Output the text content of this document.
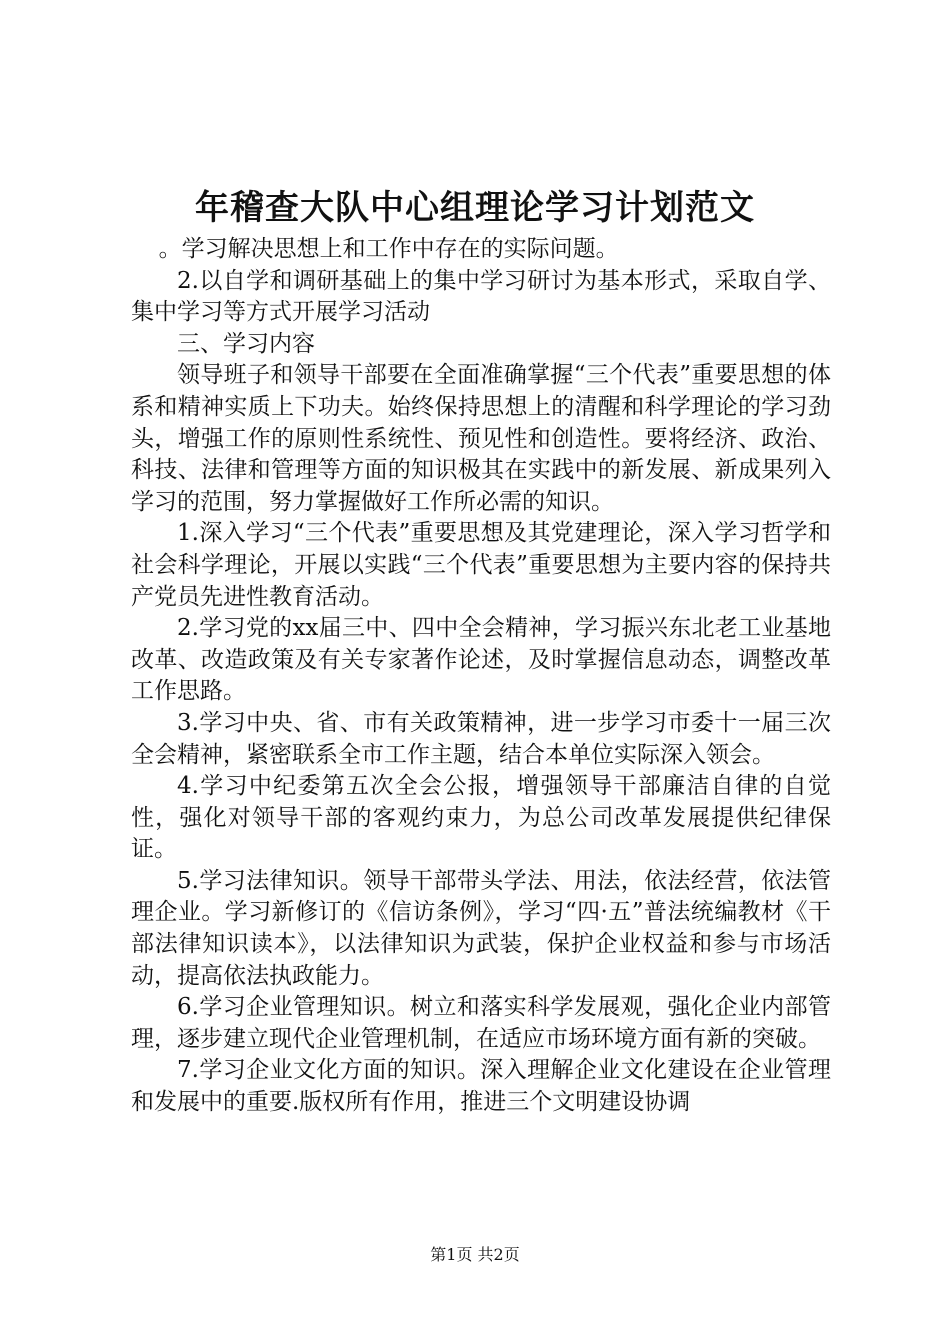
年稽查大队中心组理论学习计划范文

。学习解决思想上和工作中存在的实际问题。

2.以自学和调研基础上的集中学习研讨为基本形式，采取自学、集中学习等方式开展学习活动

三、学习内容

领导班子和领导干部要在全面准确掌握“三个代表”重要思想的体系和精神实质上下功夫。始终保持思想上的清醒和科学理论的学习劲头，增强工作的原则性系统性、预见性和创造性。要将经济、政治、科技、法律和管理等方面的知识极其在实践中的新发展、新成果列入学习的范围，努力掌握做好工作所必需的知识。

1.深入学习“三个代表”重要思想及其党建理论，深入学习哲学和社会科学理论，开展以实践“三个代表”重要思想为主要内容的保持共产党员先进性教育活动。

2.学习党的xx届三中、四中全会精神，学习振兴东北老工业基地改革、改造政策及有关专家著作论述，及时掌握信息动态，调整改革工作思路。

3.学习中央、省、市有关政策精神，进一步学习市委十一届三次全会精神，紧密联系全市工作主题，结合本单位实际深入领会。

4.学习中纪委第五次全会公报，增强领导干部廉洁自律的自觉性，强化对领导干部的客观约束力，为总公司改革发展提供纪律保证。

5.学习法律知识。领导干部带头学法、用法，依法经营，依法管理企业。学习新修订的《信访条例》，学习“四·五”普法统编教材《干部法律知识读本》，以法律知识为武装，保护企业权益和参与市场活动，提高依法执政能力。

6.学习企业管理知识。树立和落实科学发展观，强化企业内部管理，逐步建立现代企业管理机制，在适应市场环境方面有新的突破。

7.学习企业文化方面的知识。深入理解企业文化建设在企业管理和发展中的重要.版权所有作用，推进三个文明建设协调

第1页 共2页
